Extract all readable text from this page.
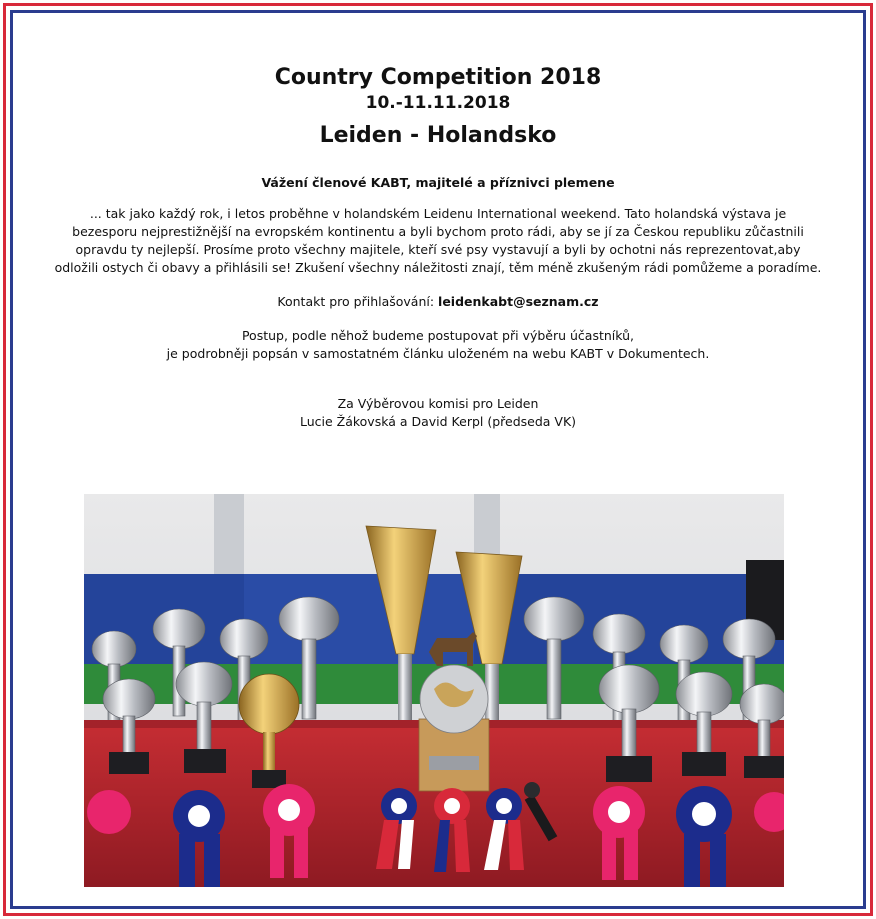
Country Competition 2018

10.-11.11.2018

Leiden - Holandsko

Vážení členové KABT, majitelé a příznivci plemene

... tak jako každý rok, i letos proběhne v holandském Leidenu International weekend. Tato holandská výstava je
bezesporu nejprestižnější na evropském kontinentu a byli bychom proto rádi, aby se jí za Českou republiku zůčastnili
opravdu ty nejlepší. Prosíme proto všechny majitele, kteří své psy vystavují a byli by ochotni nás reprezentovat,aby
odložili ostych či obavy a přihlásili se! Zkušení všechny náležitosti znají, těm méně zkušeným rádi pomůžeme a poradíme.

Kontakt pro přihlašování: leidenkabt@seznam.cz

Postup, podle něhož budeme postupovat při výběru účastníků,
je podrobněji popsán v samostatném článku uloženém na webu KABT v Dokumentech.
Za Výběrovou komisi pro Leiden
Lucie Žákovská a David Kerpl (předseda VK)
